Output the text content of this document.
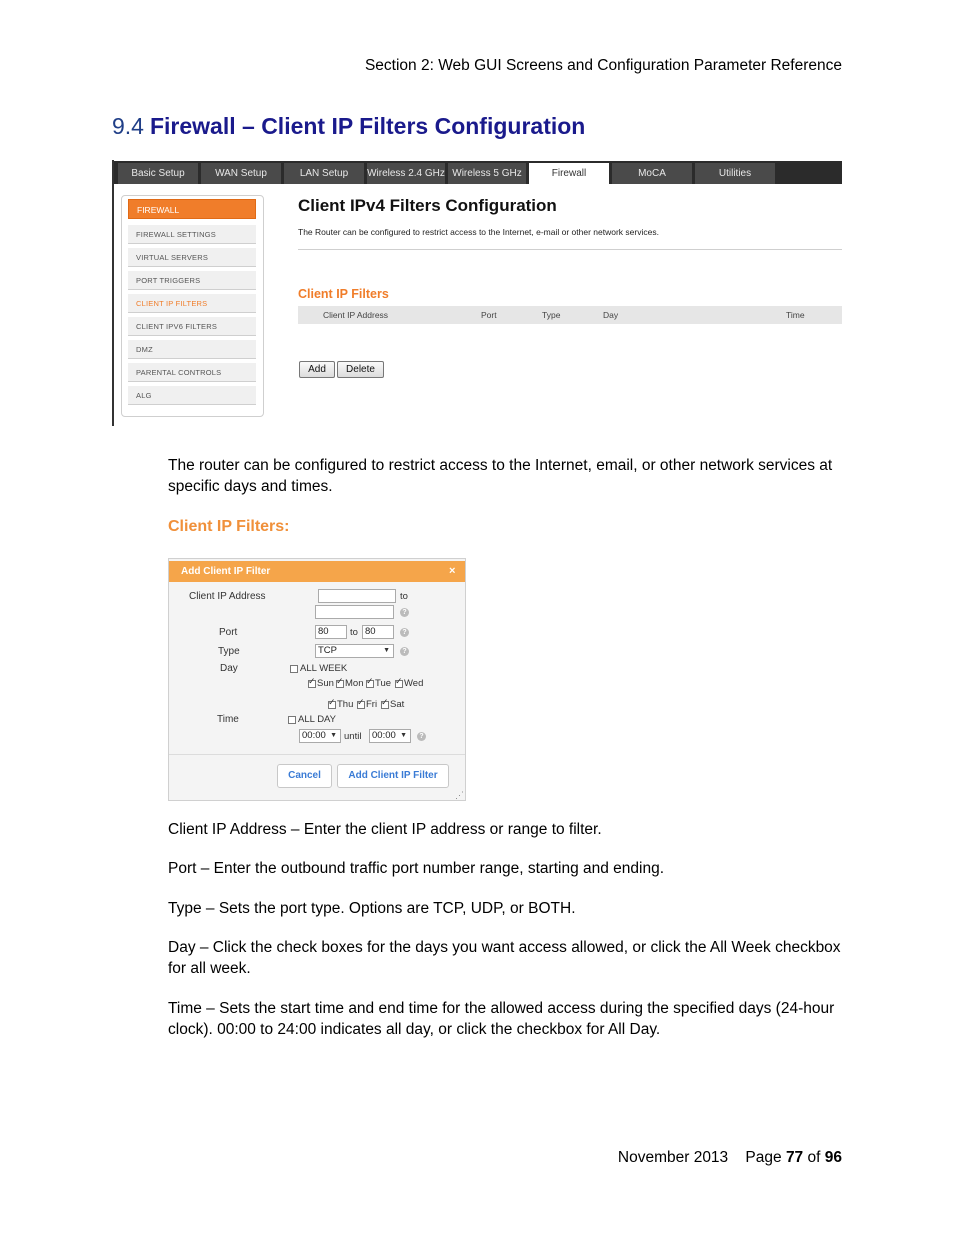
Section 2: Web GUI Screens and Configuration Parameter Reference
9.4 Firewall – Client IP Filters Configuration
Basic Setup	WAN Setup	LAN Setup	Wireless 2.4 GHz Wireless 5 GHz	Firewall	MoCA	Utilities
FIREWALL
FIREWALL SETTINGS
VIRTUAL SERVERS
PORT TRIGGERS
CLIENT IP FILTERS
CLIENT IPV6 FILTERS
DMZ
PARENTAL CONTROLS
ALG
Client IPv4 Filters Configuration
The Router can be configured to restrict access to the Internet, e-mail or other network services.
Client IP Filters
Client IP Address	Port	Type	Day	Time
Add	Delete
The router can be configured to restrict access to the Internet, email, or other network services at specific days and times.
Client IP Filters:
Add Client IP Filter	×
Client IP Address	to
?
Port	80	to 80	?
Type	TCP	▼	?
Day	ALL WEEK
✓
Sun ✓ Mon ✓ Tue ✓ Wed
✓
Thu ✓ Fri ✓ Sat
Time	ALL DAY
00:00 ▼ until	00:00 ▼	?
Cancel	Add Client IP Filter
⋰
Client IP Address – Enter the client IP address or range to filter.
Port – Enter the outbound traffic port number range, starting and ending.
Type – Sets the port type. Options are TCP, UDP, or BOTH.
Day – Click the check boxes for the days you want access allowed, or click the All Week checkbox for all week.
Time – Sets the start time and end time for the allowed access during the specified days (24-hour clock). 00:00 to 24:00 indicates all day, or click the checkbox for All Day.
November 2013 Page 77 of 96
